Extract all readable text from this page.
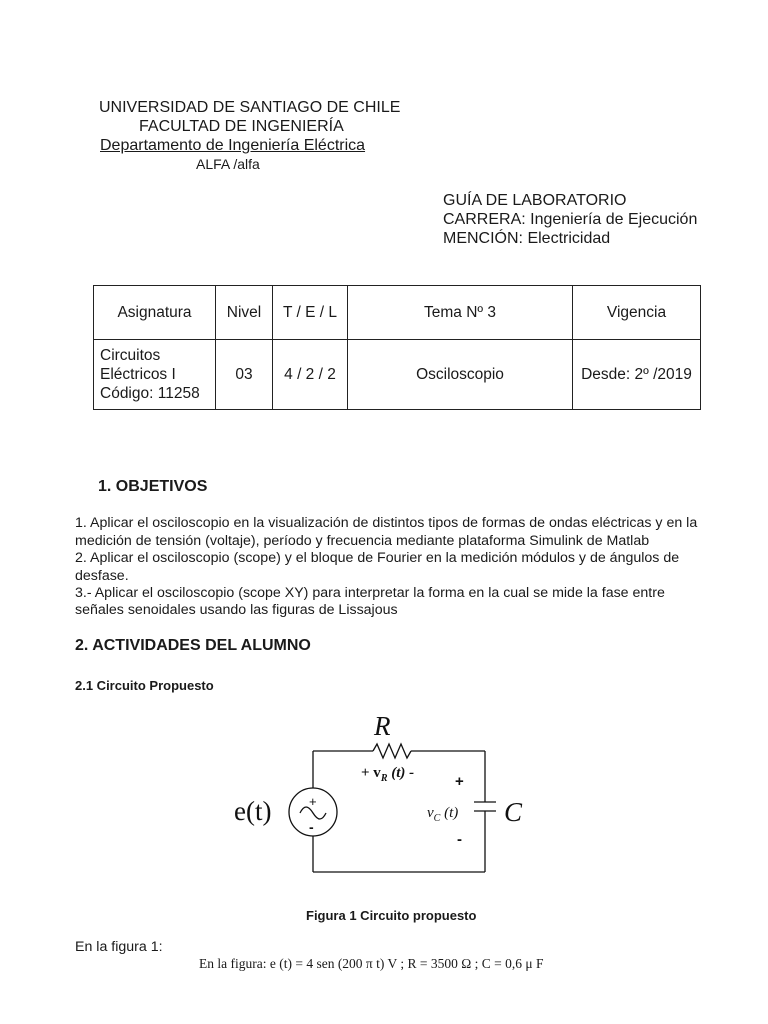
UNIVERSIDAD DE SANTIAGO DE CHILE
FACULTAD DE INGENIERÍA
Departamento de Ingeniería Eléctrica
ALFA /alfa
GUÍA DE LABORATORIO
CARRERA: Ingeniería de Ejecución
MENCIÓN: Electricidad
Asignatura	Nivel	T / E / L	Tema Nº 3	Vigencia

Circuitos
Eléctricos I
Código: 11258	03	4 / 2 / 2	Osciloscopio	Desde: 2º /2019
1. OBJETIVOS
1. Aplicar el osciloscopio en la visualización de distintos tipos de formas de ondas eléctricas y en la
medición de tensión (voltaje), período y frecuencia mediante plataforma Simulink de Matlab
2. Aplicar el osciloscopio (scope) y el bloque de Fourier en la medición módulos y de ángulos de
desfase.
3.- Aplicar el osciloscopio (scope XY) para interpretar la forma en la cual se mide la fase entre
señales senoidales usando las figuras de Lissajous
2. ACTIVIDADES DEL ALUMNO
2.1 Circuito Propuesto
R
+ $v_R$ (t) -
e(t)	+
-
+
-
$v_C$ (t) C
Figura 1 Circuito propuesto
En la figura 1:
En la figura: e (t) = 4 sen (200 π t) V ; R = 3500 Ω ; C = 0,6 μ F
